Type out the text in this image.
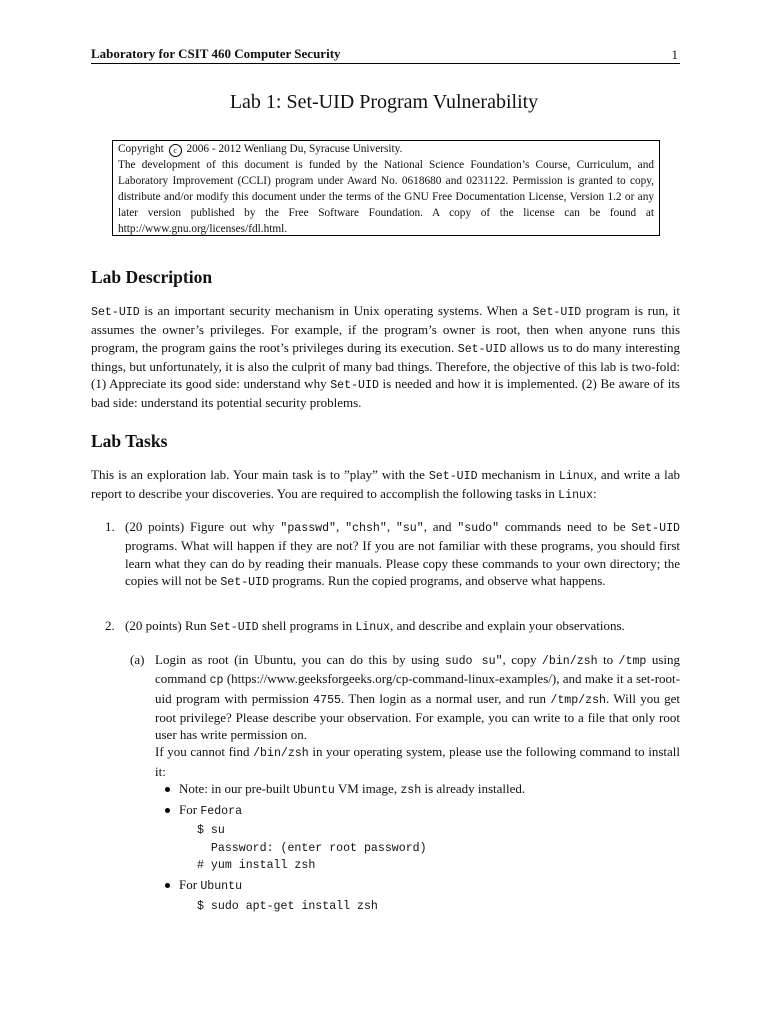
Laboratory for CSIT 460 Computer Security	1
Lab 1: Set-UID Program Vulnerability

Copyright c 2006 - 2012 Wenliang Du, Syracuse University.

The development of this document is funded by the National Science Foundation’s Course, Curriculum, and Laboratory Improvement (CCLI) program under Award No. 0618680 and 0231122. Permission is granted to copy, distribute and/or modify this document under the terms of the GNU Free Documentation License, Version 1.2 or any later version published by the Free Software Foundation. A copy of the license can be found at http://www.gnu.org/licenses/fdl.html.

Lab Description

Set-UID is an important security mechanism in Unix operating systems. When a Set-UID program is run, it assumes the owner’s privileges. For example, if the program’s owner is root, then when anyone runs this program, the program gains the root’s privileges during its execution. Set-UID allows us to do many interesting things, but unfortunately, it is also the culprit of many bad things. Therefore, the objective of this lab is two-fold: (1) Appreciate its good side: understand why Set-UID is needed and how it is implemented. (2) Be aware of its bad side: understand its potential security problems.

Lab Tasks

This is an exploration lab. Your main task is to ”play” with the Set-UID mechanism in Linux, and write a lab report to describe your discoveries. You are required to accomplish the following tasks in Linux:

1. (20 points) Figure out why "passwd", "chsh", "su", and "sudo" commands need to be Set-UID programs. What will happen if they are not? If you are not familiar with these programs, you should first learn what they can do by reading their manuals. Please copy these commands to your own directory; the copies will not be Set-UID programs. Run the copied programs, and observe what happens.
2. (20 points) Run Set-UID shell programs in Linux, and describe and explain your observations.
(a) Login as root (in Ubuntu, you can do this by using sudo su", copy /bin/zsh to /tmp using command cp (https://www.geeksforgeeks.org/cp-command-linux-examples/), and make it a set-root-uid program with permission 4755. Then login as a normal user, and run /tmp/zsh. Will you get root privilege? Please describe your observation. For example, you can write to a file that only root user has write permission on.
If you cannot find /bin/zsh in your operating system, please use the following command to install it:
Note: in our pre-built Ubuntu VM image, zsh is already installed.
For Fedora
$ su
Password: (enter root password)
# yum install zsh
For Ubuntu
$ sudo apt-get install zsh
